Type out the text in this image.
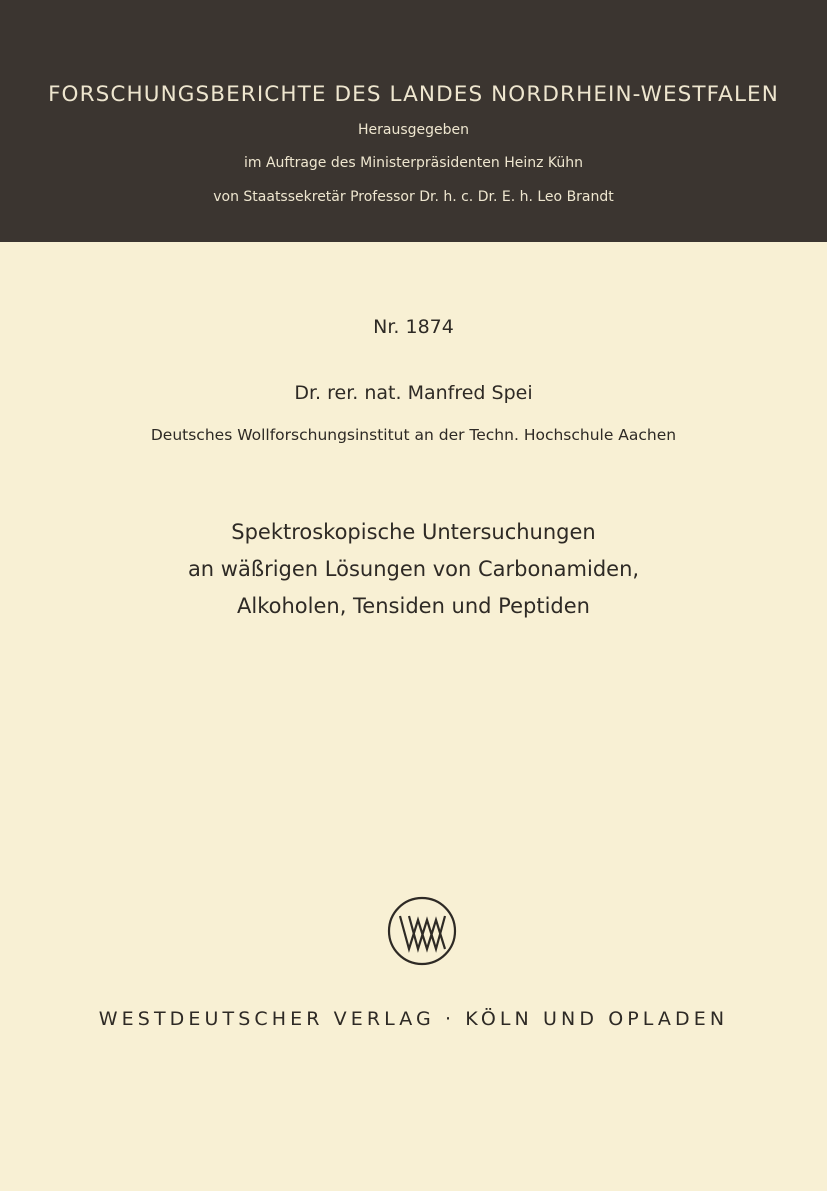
FORSCHUNGSBERICHTE DES LANDES NORDRHEIN-WESTFALEN
Herausgegeben
im Auftrage des Ministerpräsidenten Heinz Kühn
von Staatssekretär Professor Dr. h. c. Dr. E. h. Leo Brandt
Nr. 1874
Dr. rer. nat. Manfred Spei
Deutsches Wollforschungsinstitut an der Techn. Hochschule Aachen
Spektroskopische Untersuchungen
an wäßrigen Lösungen von Carbonamiden,
Alkoholen, Tensiden und Peptiden
WESTDEUTSCHER VERLAG · KÖLN UND OPLADEN
